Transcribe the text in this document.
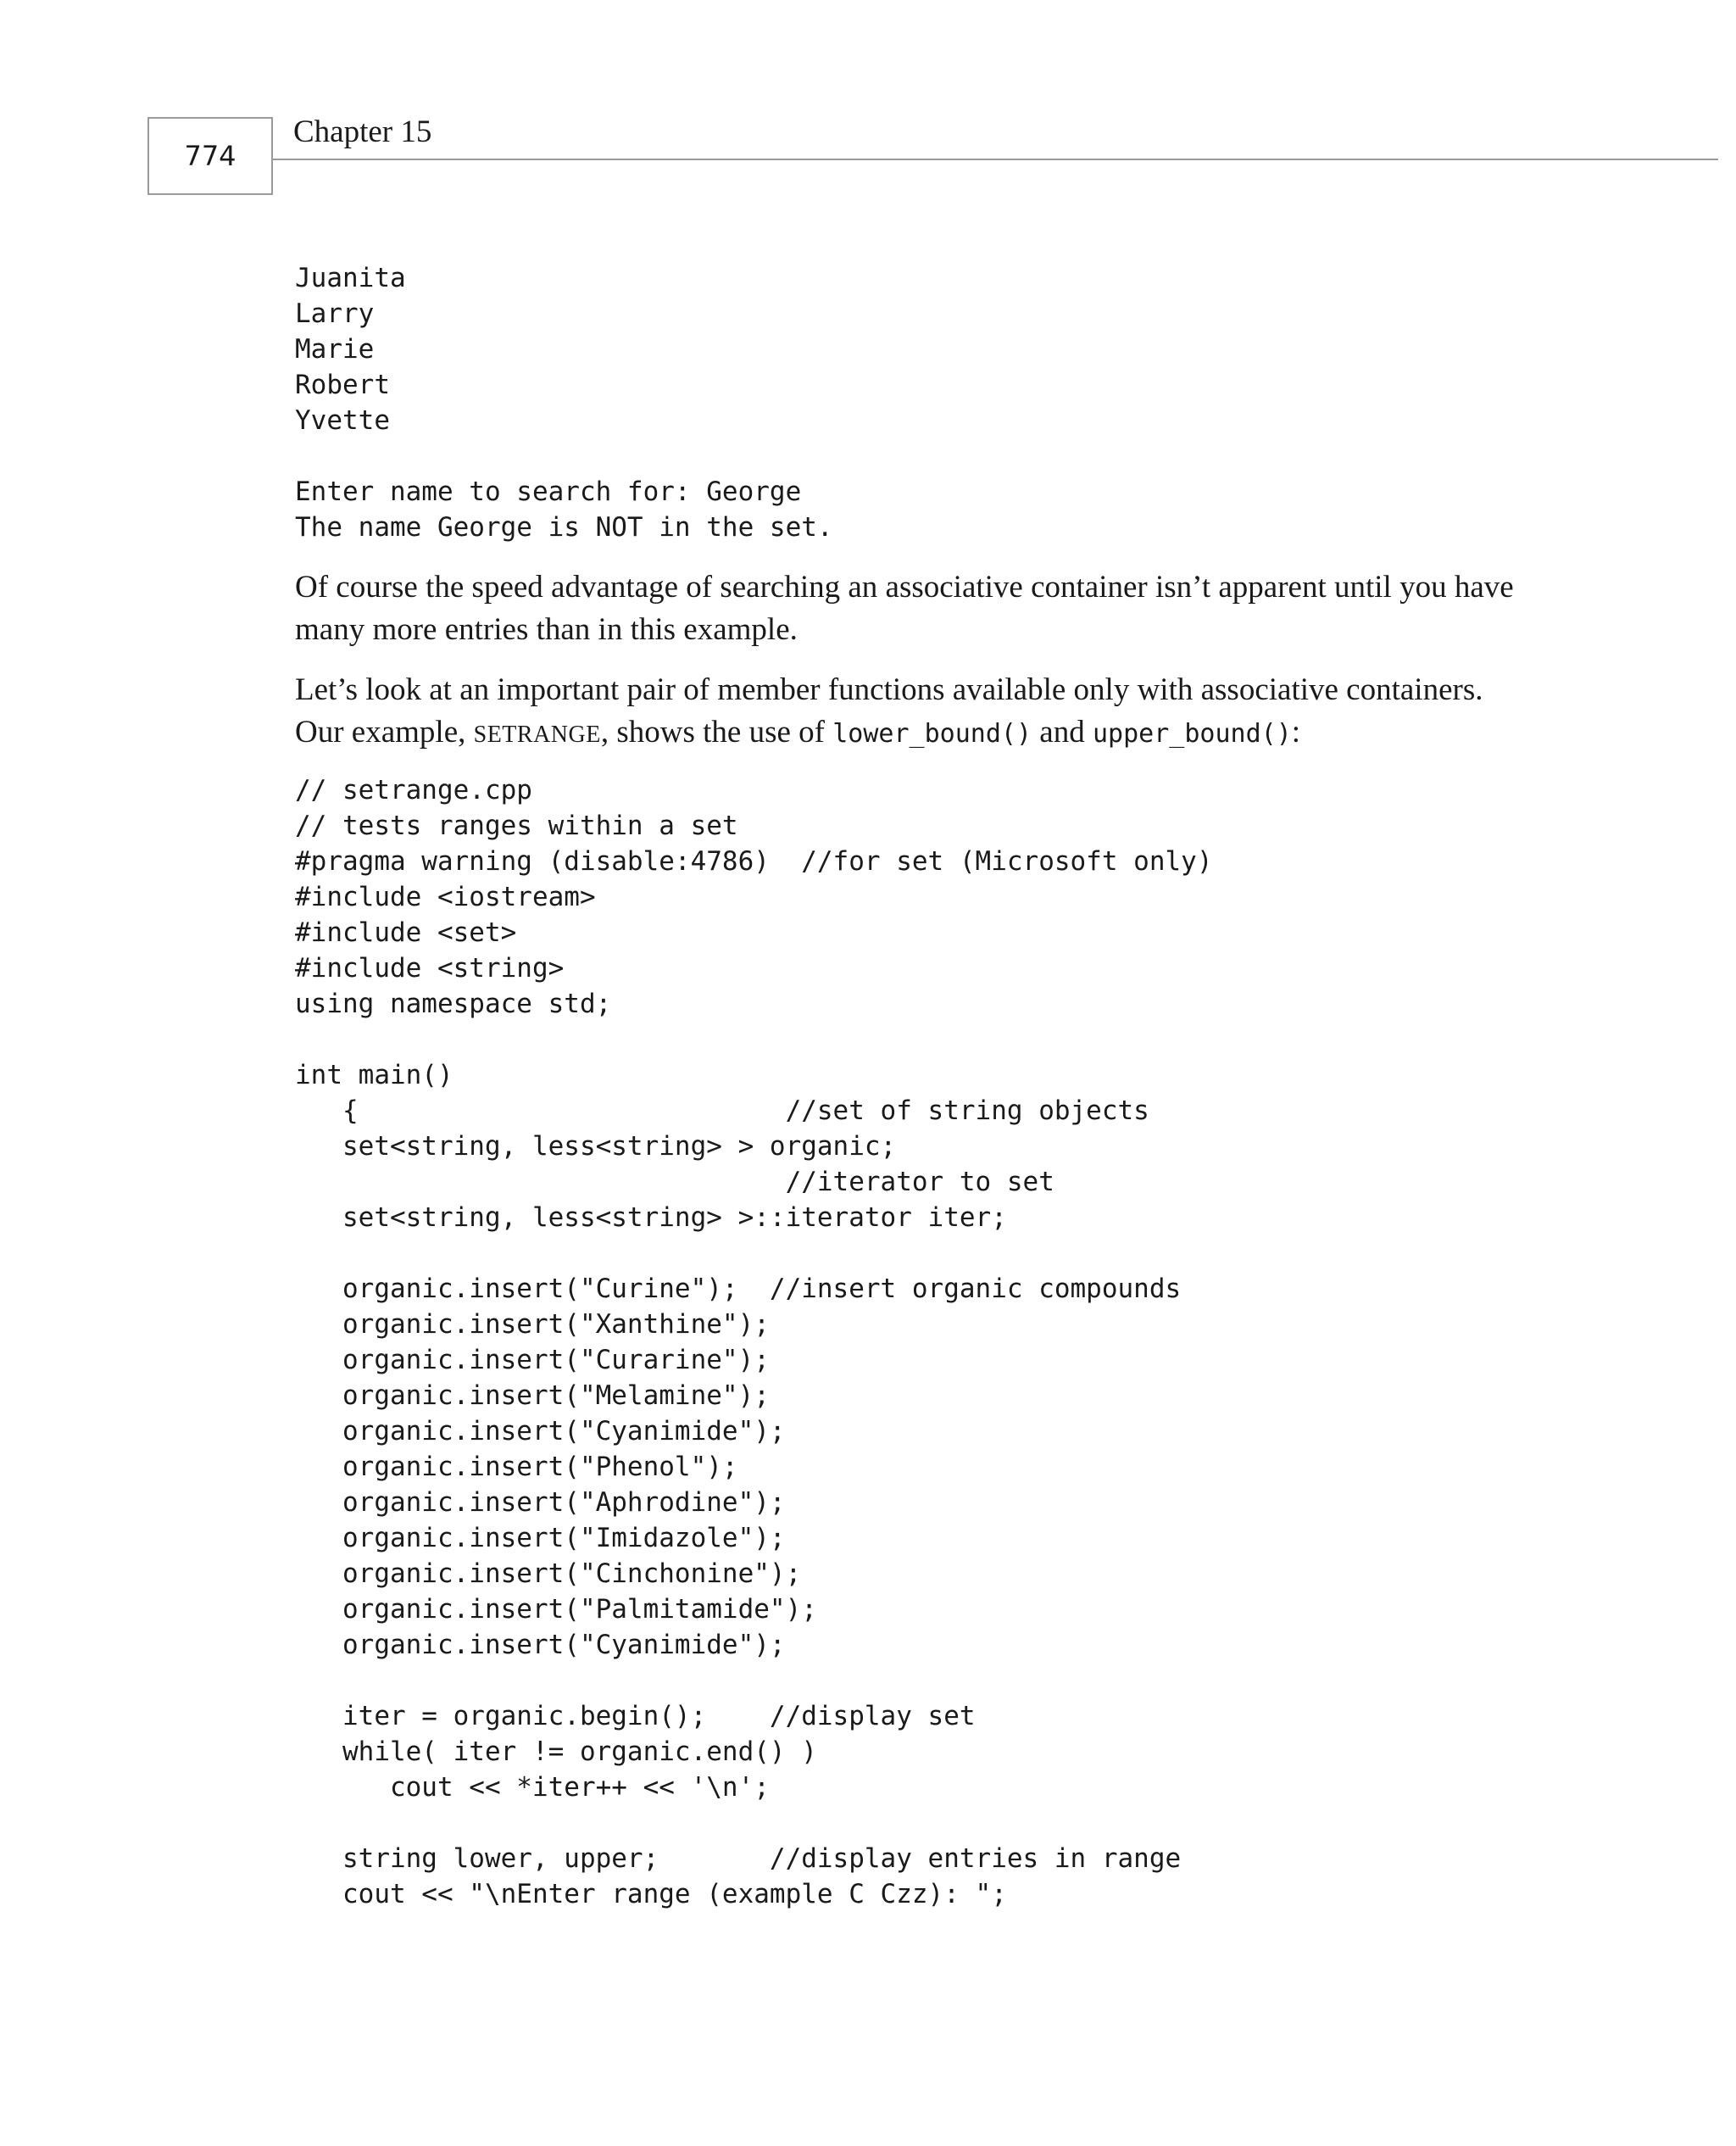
774
Chapter 15
Juanita
Larry
Marie
Robert
Yvette
Enter name to search for: George
The name George is NOT in the set.

Of course the speed advantage of searching an associative container isn’t apparent until you have many more entries than in this example.

Let’s look at an important pair of member functions available only with associative containers.
Our example, SETRANGE, shows the use of lower_bound() and upper_bound():

// setrange.cpp
// tests ranges within a set
#pragma warning (disable:4786)  //for set (Microsoft only)
#include <iostream>
#include <set>
#include <string>
using namespace std;
int main()
{                           //set of string objects
set<string, less<string> > organic;
//iterator to set
set<string, less<string> >::iterator iter;
organic.insert("Curine");  //insert organic compounds
organic.insert("Xanthine");
organic.insert("Curarine");
organic.insert("Melamine");
organic.insert("Cyanimide");
organic.insert("Phenol");
organic.insert("Aphrodine");
organic.insert("Imidazole");
organic.insert("Cinchonine");
organic.insert("Palmitamide");
organic.insert("Cyanimide");
iter = organic.begin();    //display set
while( iter != organic.end() )
cout << *iter++ << '\n';
string lower, upper;       //display entries in range
cout << "\nEnter range (example C Czz): ";
